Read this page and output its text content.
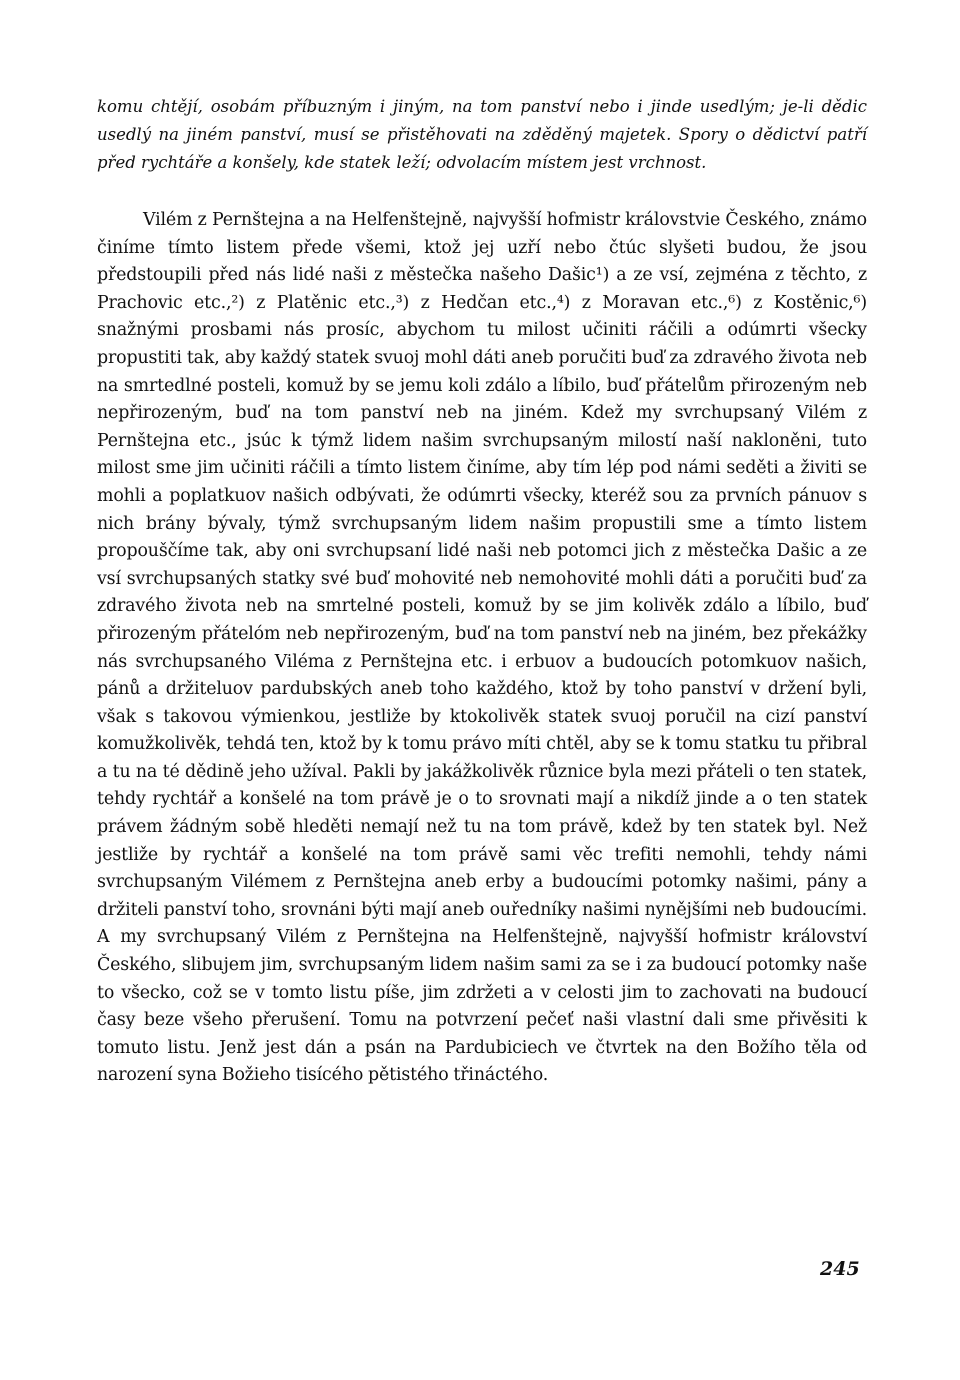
komu chtějí, osobám příbuzným i jiným, na tom panství nebo i jinde usedlým; je-li dědic usedlý na jiném panství, musí se přistěhovati na zděděný majetek. Spory o dědictví patří před rychtáře a konšely, kde statek leží; odvolacím místem jest vrchnost.

Vilém z Pernštejna a na Helfenštejně, najvyšší hofmistr královstvie Českého, známo činíme tímto listem přede všemi, ktož jej uzří nebo čtúc slyšeti budou, že jsou předstoupili před nás lidé naši z městečka našeho Dašic¹) a ze vsí, zejména z těchto, z Prachovic etc.,²) z Platěnic etc.,³) z Hedčan etc.,⁴) z Moravan etc.,⁶) z Kostěnic,⁶) snažnými prosbami nás prosíc, abychom tu milost učiniti ráčili a odúmrti všecky propustiti tak, aby každý statek svuoj mohl dáti aneb poručiti buď za zdravého života neb na smrtedlné posteli, komuž by se jemu koli zdálo a líbilo, buď přátelům přirozeným neb nepřirozeným, buď na tom panství neb na jiném. Kdež my svrchupsaný Vilém z Pernštejna etc., jsúc k týmž lidem našim svrchupsaným milostí naší nakloněni, tuto milost sme jim učiniti ráčili a tímto listem činíme, aby tím lép pod námi seděti a živiti se mohli a poplatkuov našich odbývati, že odúmrti všecky, kteréž sou za prvních pánuov s nich brány bývaly, týmž svrchupsaným lidem našim propustili sme a tímto listem propouščíme tak, aby oni svrchupsaní lidé naši neb potomci jich z městečka Dašic a ze vsí svrchupsaných statky své buď mohovité neb nemohovité mohli dáti a poručiti buď za zdravého života neb na smrtelné posteli, komuž by se jim kolivěk zdálo a líbilo, buď přirozeným přátelóm neb nepřirozeným, buď na tom panství neb na jiném, bez překážky nás svrchupsaného Viléma z Pernštejna etc. i erbuov a budoucích potomkuov našich, pánů a držiteluov pardubských aneb toho každého, ktož by toho panství v držení byli, však s takovou výmienkou, jestliže by ktokolivěk statek svuoj poručil na cizí panství komužkolivěk, tehdá ten, ktož by k tomu právo míti chtěl, aby se k tomu statku tu přibral a tu na té dědině jeho užíval. Pakli by jakážkolivěk různice byla mezi přáteli o ten statek, tehdy rychtář a konšelé na tom právě je o to srovnati mají a nikdíž jinde a o ten statek právem žádným sobě hleděti nemají než tu na tom právě, kdež by ten statek byl. Než jestliže by rychtář a konšelé na tom právě sami věc trefiti nemohli, tehdy námi svrchupsaným Vilémem z Pernštejna aneb erby a budoucími potomky našimi, pány a držiteli panství toho, srovnáni býti mají aneb ouředníky našimi nynějšími neb budoucími. A my svrchupsaný Vilém z Pernštejna na Helfenštejně, najvyšší hofmistr království Českého, slibujem jim, svrchupsaným lidem našim sami za se i za budoucí potomky naše to všecko, což se v tomto listu píše, jim zdržeti a v celosti jim to zachovati na budoucí časy beze všeho přerušení. Tomu na potvrzení pečeť naši vlastní dali sme přivěsiti k tomuto listu. Jenž jest dán a psán na Pardubiciech ve čtvrtek na den Božího těla od narození syna Božieho tisícého pětistého třináctého.

245
